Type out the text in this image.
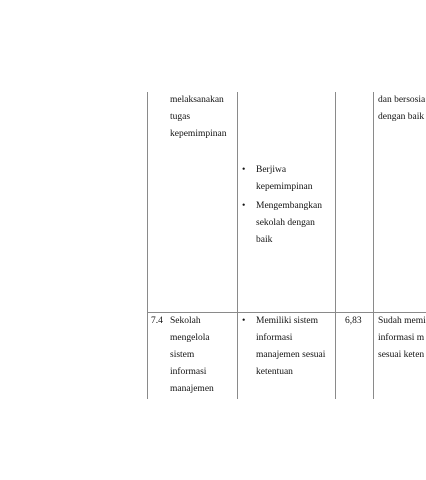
melaksanakan
tugas
kepemimpinan
• Berjiwa
kepemimpinan
• Mengembangkan
sekolah dengan
baik
dan bersosia
dengan baik
7.4 Sekolah
mengelola
sistem
informasi
manajemen
• Memiliki sistem
informasi
manajemen sesuai
ketentuan
6,83 Sudah memi
informasi m
sesuai keten
